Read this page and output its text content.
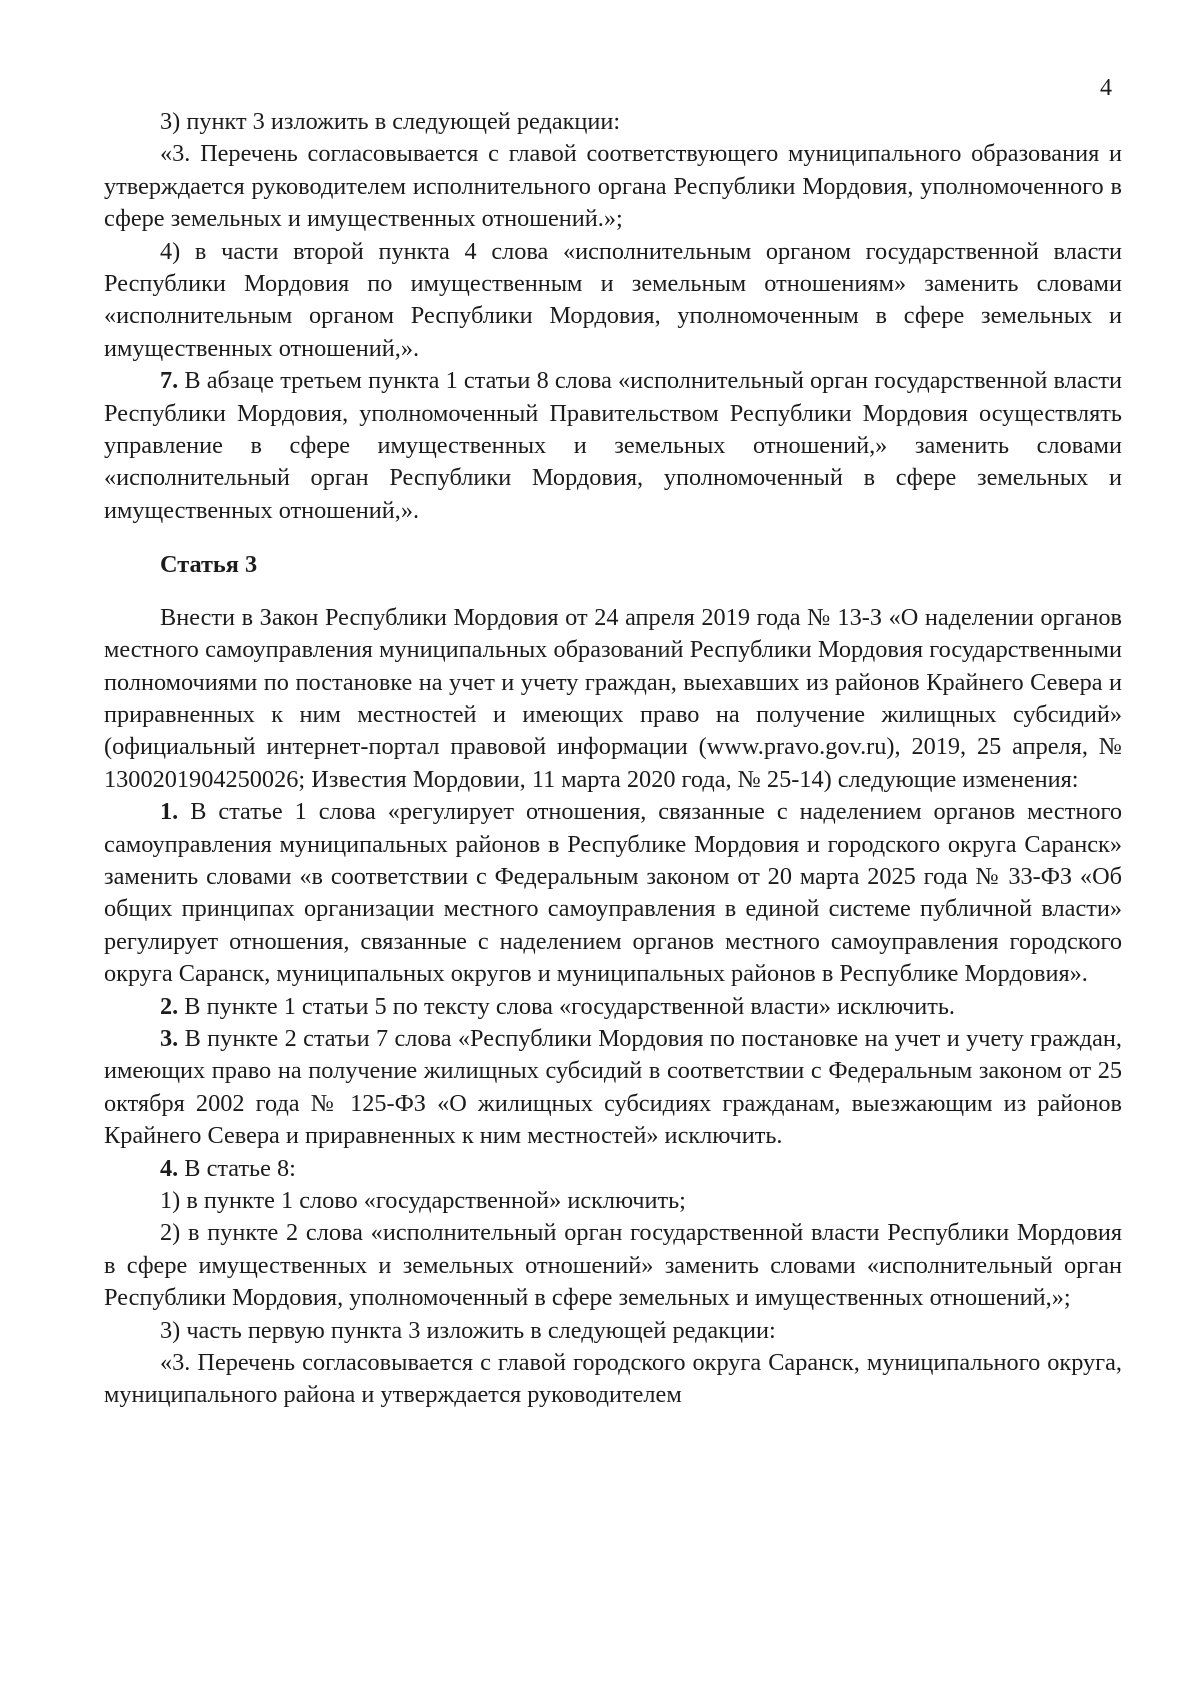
4

3) пункт 3 изложить в следующей редакции:

«3. Перечень согласовывается с главой соответствующего муниципального образования и утверждается руководителем исполнительного органа Республики Мордовия, уполномоченного в сфере земельных и имущественных отношений.»;

4) в части второй пункта 4 слова «исполнительным органом государственной власти Республики Мордовия по имущественным и земельным отношениям» заменить словами «исполнительным органом Республики Мордовия, уполномоченным в сфере земельных и имущественных отношений,».

7. В абзаце третьем пункта 1 статьи 8 слова «исполнительный орган государственной власти Республики Мордовия, уполномоченный Правительством Республики Мордовия осуществлять управление в сфере имущественных и земельных отношений,» заменить словами «исполнительный орган Республики Мордовия, уполномоченный в сфере земельных и имущественных отношений,».

Статья 3

Внести в Закон Республики Мордовия от 24 апреля 2019 года № 13-З «О наделении органов местного самоуправления муниципальных образований Республики Мордовия государственными полномочиями по постановке на учет и учету граждан, выехавших из районов Крайнего Севера и приравненных к ним местностей и имеющих право на получение жилищных субсидий» (официальный интернет-портал правовой информации (www.pravo.gov.ru), 2019, 25 апреля, № 1300201904250026; Известия Мордовии, 11 марта 2020 года, № 25-14) следующие изменения:

1. В статье 1 слова «регулирует отношения, связанные с наделением органов местного самоуправления муниципальных районов в Республике Мордовия и городского округа Саранск» заменить словами «в соответствии с Федеральным законом от 20 марта 2025 года № 33-ФЗ «Об общих принципах организации местного самоуправления в единой системе публичной власти» регулирует отношения, связанные с наделением органов местного самоуправления городского округа Саранск, муниципальных округов и муниципальных районов в Республике Мордовия».

2. В пункте 1 статьи 5 по тексту слова «государственной власти» исключить.

3. В пункте 2 статьи 7 слова «Республики Мордовия по постановке на учет и учету граждан, имеющих право на получение жилищных субсидий в соответствии с Федеральным законом от 25 октября 2002 года № 125-ФЗ «О жилищных субсидиях гражданам, выезжающим из районов Крайнего Севера и приравненных к ним местностей» исключить.

4. В статье 8:

1) в пункте 1 слово «государственной» исключить;

2) в пункте 2 слова «исполнительный орган государственной власти Республики Мордовия в сфере имущественных и земельных отношений» заменить словами «исполнительный орган Республики Мордовия, уполномоченный в сфере земельных и имущественных отношений,»;

3) часть первую пункта 3 изложить в следующей редакции:

«3. Перечень согласовывается с главой городского округа Саранск, муниципального округа, муниципального района и утверждается руководителем
